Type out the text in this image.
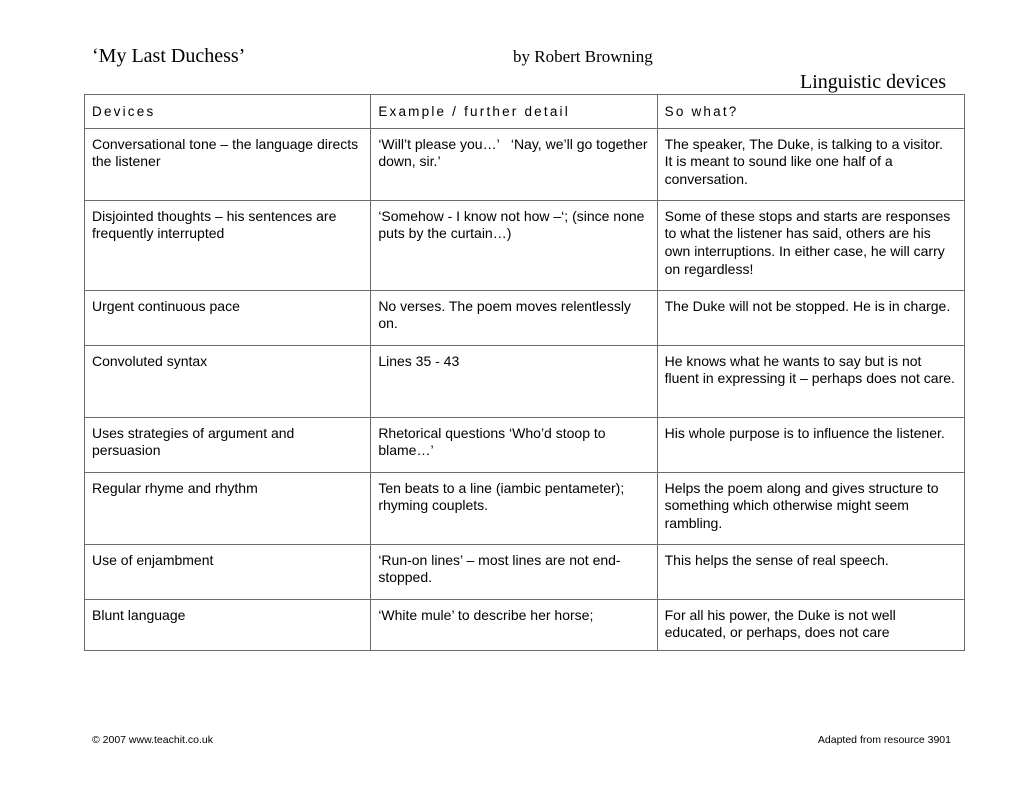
‘My Last Duchess’	by Robert Browning
Linguistic devices
Devices	Example / further detail	So what?
Conversational tone – the language directs the listener	‘Will’t please you…’   ‘Nay, we’ll go together down, sir.’	The speaker, The Duke, is talking to a visitor.  It is meant to sound like one half of a conversation.
Disjointed thoughts – his sentences are frequently interrupted	‘Somehow - I know not how –‘; (since none puts by the curtain…)	Some of these stops and starts are responses to what the listener has said, others are his own interruptions. In either case, he will carry on regardless!
Urgent continuous pace	No verses. The poem moves relentlessly on.	The Duke will not be stopped. He is in charge.
Convoluted syntax	Lines 35 - 43	He knows what he wants to say but is not fluent in expressing it – perhaps does not care.
Uses strategies of argument and persuasion	Rhetorical questions ‘Who’d stoop to blame…’	His whole purpose is to influence the listener.
Regular rhyme and rhythm	Ten beats to a line (iambic pentameter); rhyming couplets.	Helps the poem along and gives structure to something which otherwise might seem rambling.
Use of enjambment	‘Run-on lines’ – most lines are not end-stopped.	This helps the sense of real speech.
Blunt language	‘White mule’ to describe her horse;	For all his power, the Duke is not well educated, or perhaps, does not care
© 2007 www.teachit.co.uk	Adapted from resource 3901
